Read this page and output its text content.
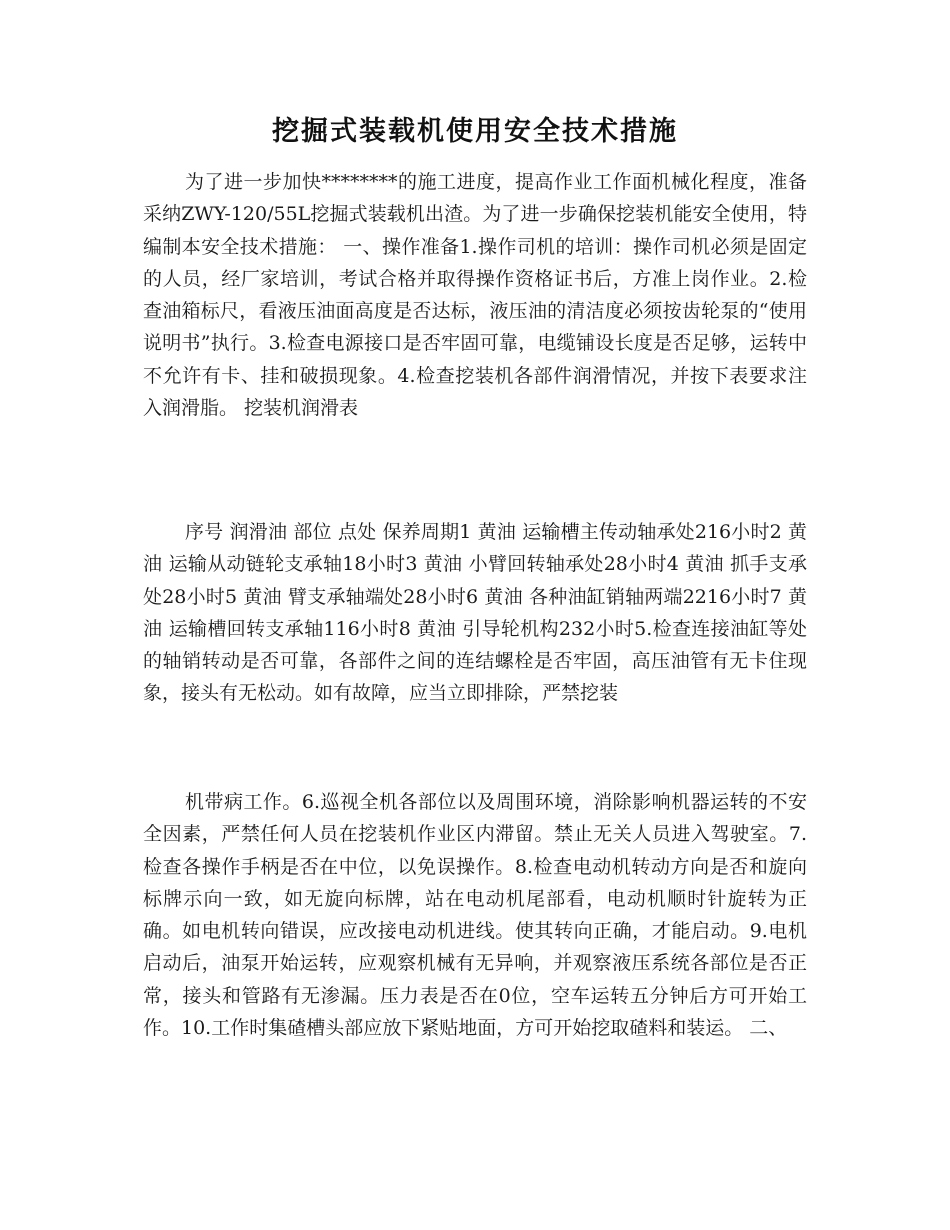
挖掘式装载机使用安全技术措施

为了进一步加快********的施工进度，提高作业工作面机械化程度，准备采纳ZWY-120/55L挖掘式装载机出渣。为了进一步确保挖装机能安全使用，特编制本安全技术措施： 一、操作准备1.操作司机的培训：操作司机必须是固定的人员，经厂家培训，考试合格并取得操作资格证书后，方准上岗作业。2.检查油箱标尺，看液压油面高度是否达标，液压油的清洁度必须按齿轮泵的“使用说明书”执行。3.检查电源接口是否牢固可靠，电缆铺设长度是否足够，运转中不允许有卡、挂和破损现象。4.检查挖装机各部件润滑情况，并按下表要求注入润滑脂。 挖装机润滑表

序号 润滑油 部位 点处 保养周期1 黄油 运输槽主传动轴承处216小时2 黄油 运输从动链轮支承轴18小时3 黄油 小臂回转轴承处28小时4 黄油 抓手支承处28小时5 黄油 臂支承轴端处28小时6 黄油 各种油缸销轴两端2216小时7 黄油 运输槽回转支承轴116小时8 黄油 引导轮机构232小时5.检查连接油缸等处的轴销转动是否可靠，各部件之间的连结螺栓是否牢固，高压油管有无卡住现象，接头有无松动。如有故障，应当立即排除，严禁挖装

机带病工作。6.巡视全机各部位以及周围环境，消除影响机器运转的不安全因素，严禁任何人员在挖装机作业区内滞留。禁止无关人员进入驾驶室。7.检查各操作手柄是否在中位，以免误操作。8.检查电动机转动方向是否和旋向标牌示向一致，如无旋向标牌，站在电动机尾部看，电动机顺时针旋转为正确。如电机转向错误，应改接电动机进线。使其转向正确，才能启动。9.电机启动后，油泵开始运转，应观察机械有无异响，并观察液压系统各部位是否正常，接头和管路有无渗漏。压力表是否在0位，空车运转五分钟后方可开始工作。10.工作时集碴槽头部应放下紧贴地面，方可开始挖取碴料和装运。 二、
